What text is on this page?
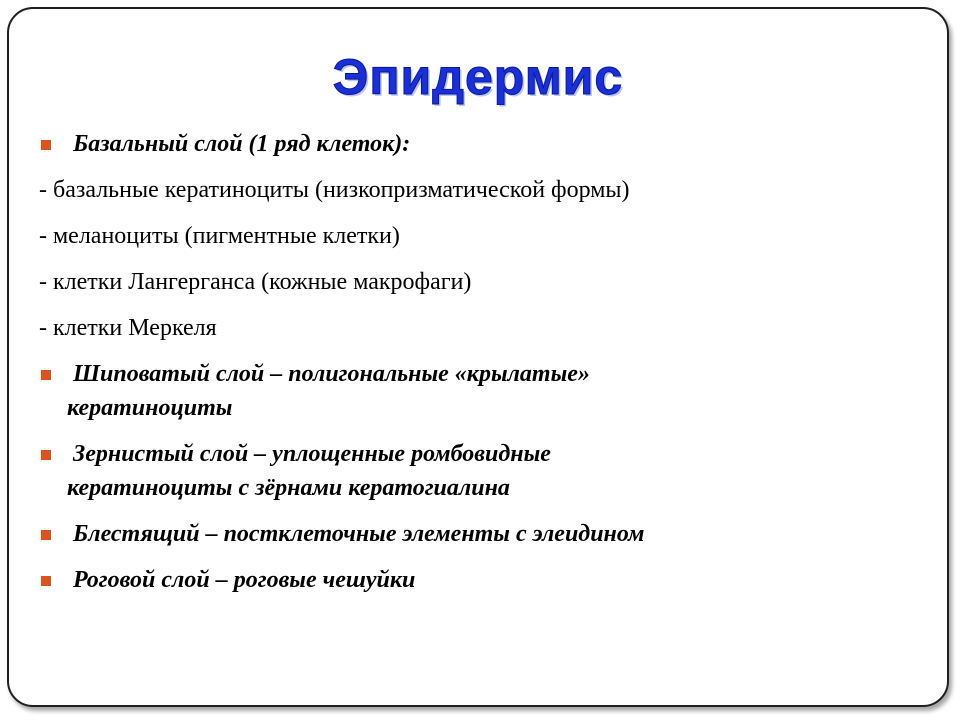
Эпидермис
Базальный слой (1 ряд клеток):
- базальные кератиноциты (низкопризматической формы)
- меланоциты (пигментные клетки)
- клетки Лангерганса (кожные макрофаги)
- клетки Меркеля
Шиповатый слой – полигональные «крылатые»
кератиноциты
Зернистый слой – уплощенные ромбовидные
кератиноциты с зёрнами кератогиалина
Блестящий – постклеточные элементы с элеидином
Роговой слой – роговые чешуйки
